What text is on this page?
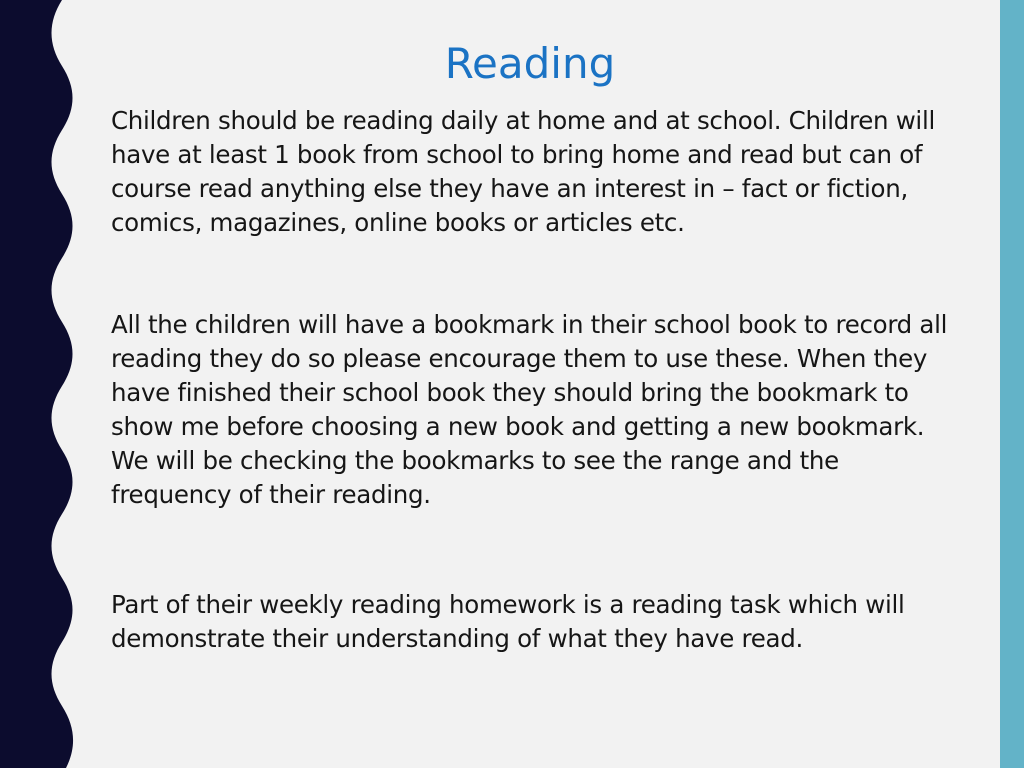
Reading

Children should be reading daily at home and at school. Children will have at least 1 book from school to bring home and read but can of course read anything else they have an interest in – fact or fiction, comics, magazines, online books or articles etc.

All the children will have a bookmark in their school book to record all reading they do so please encourage them to use these. When they have finished their school book they should bring the bookmark to show me before choosing a new book and getting a new bookmark. We will be checking the bookmarks to see the range and the frequency of their reading.

Part of their weekly reading homework is a reading task which will demonstrate their understanding of what they have read.
